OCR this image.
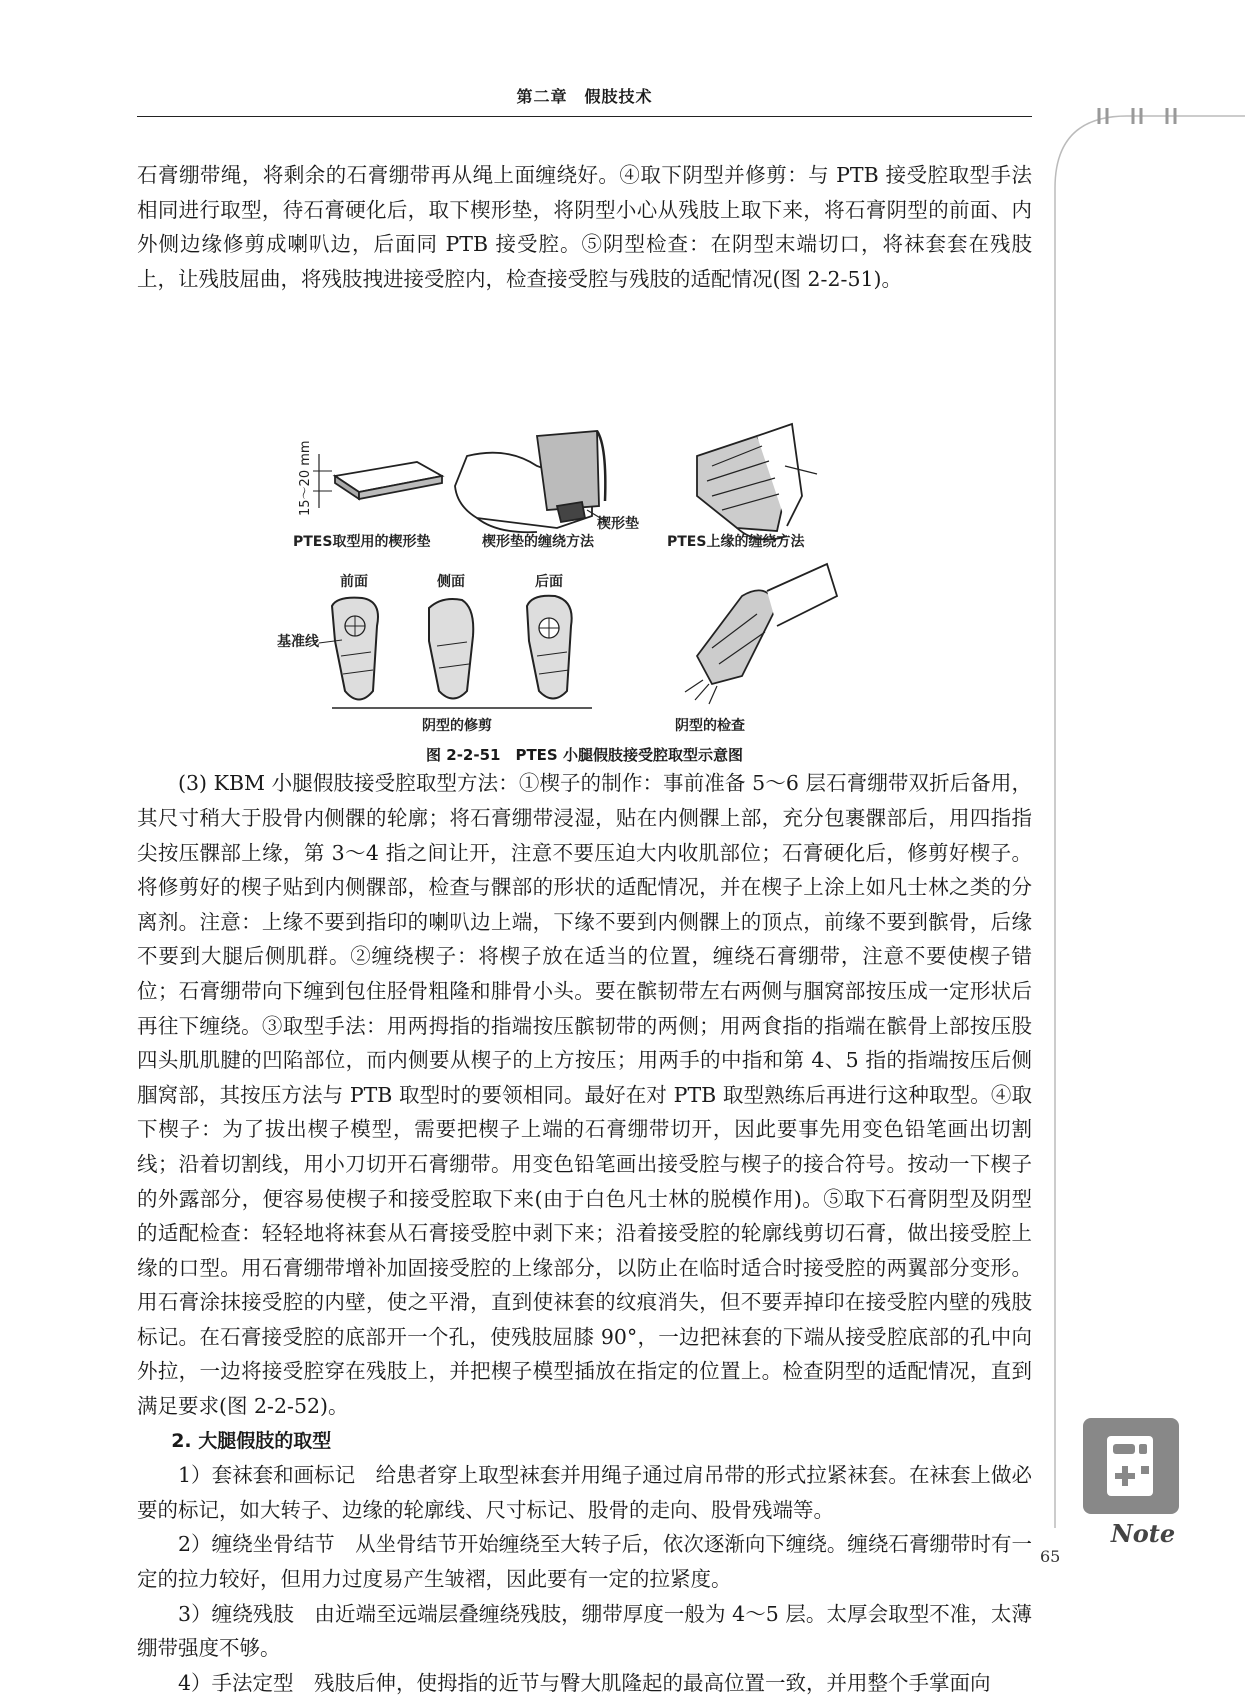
第二章　假肢技术

石膏绷带绳，将剩余的石膏绷带再从绳上面缠绕好。④取下阴型并修剪：与 PTB 接受腔取型手法相同进行取型，待石膏硬化后，取下楔形垫，将阴型小心从残肢上取下来，将石膏阴型的前面、内外侧边缘修剪成喇叭边，后面同 PTB 接受腔。⑤阴型检查：在阴型末端切口，将袜套套在残肢上，让残肢屈曲，将残肢拽进接受腔内，检查接受腔与残肢的适配情况(图 2-2-51)。

15～20 mm
PTES取型用的楔形垫
楔形垫
楔形垫的缠绕方法	PTES上缘的缠绕方法
前面	侧面	后面
基准线
阴型的修剪	阴型的检查
图 2-2-51　PTES 小腿假肢接受腔取型示意图

(3) KBM 小腿假肢接受腔取型方法：①楔子的制作：事前准备 5～6 层石膏绷带双折后备用，其尺寸稍大于股骨内侧髁的轮廓；将石膏绷带浸湿，贴在内侧髁上部，充分包裹髁部后，用四指指尖按压髁部上缘，第 3～4 指之间让开，注意不要压迫大内收肌部位；石膏硬化后，修剪好楔子。将修剪好的楔子贴到内侧髁部，检查与髁部的形状的适配情况，并在楔子上涂上如凡士林之类的分离剂。注意：上缘不要到指印的喇叭边上端，下缘不要到内侧髁上的顶点，前缘不要到髌骨，后缘不要到大腿后侧肌群。②缠绕楔子：将楔子放在适当的位置，缠绕石膏绷带，注意不要使楔子错位；石膏绷带向下缠到包住胫骨粗隆和腓骨小头。要在髌韧带左右两侧与腘窝部按压成一定形状后再往下缠绕。③取型手法：用两拇指的指端按压髌韧带的两侧；用两食指的指端在髌骨上部按压股四头肌肌腱的凹陷部位，而内侧要从楔子的上方按压；用两手的中指和第 4、5 指的指端按压后侧腘窝部，其按压方法与 PTB 取型时的要领相同。最好在对 PTB 取型熟练后再进行这种取型。④取下楔子：为了拔出楔子模型，需要把楔子上端的石膏绷带切开，因此要事先用变色铅笔画出切割线；沿着切割线，用小刀切开石膏绷带。用变色铅笔画出接受腔与楔子的接合符号。按动一下楔子的外露部分，便容易使楔子和接受腔取下来(由于白色凡士林的脱模作用)。⑤取下石膏阴型及阴型的适配检查：轻轻地将袜套从石膏接受腔中剥下来；沿着接受腔的轮廓线剪切石膏，做出接受腔上缘的口型。用石膏绷带增补加固接受腔的上缘部分，以防止在临时适合时接受腔的两翼部分变形。用石膏涂抹接受腔的内壁，使之平滑，直到使袜套的纹痕消失，但不要弄掉印在接受腔内壁的残肢标记。在石膏接受腔的底部开一个孔，使残肢屈膝 90°，一边把袜套的下端从接受腔底部的孔中向外拉，一边将接受腔穿在残肢上，并把楔子模型插放在指定的位置上。检查阴型的适配情况，直到满足要求(图 2-2-52)。

2. 大腿假肢的取型

1）套袜套和画标记　给患者穿上取型袜套并用绳子通过肩吊带的形式拉紧袜套。在袜套上做必要的标记，如大转子、边缘的轮廓线、尺寸标记、股骨的走向、股骨残端等。

2）缠绕坐骨结节　从坐骨结节开始缠绕至大转子后，依次逐渐向下缠绕。缠绕石膏绷带时有一定的拉力较好，但用力过度易产生皱褶，因此要有一定的拉紧度。

3）缠绕残肢　由近端至远端层叠缠绕残肢，绷带厚度一般为 4～5 层。太厚会取型不准，太薄绷带强度不够。

4）手法定型　残肢后伸，使拇指的近节与臀大肌隆起的最高位置一致，并用整个手掌面向

Note
65
